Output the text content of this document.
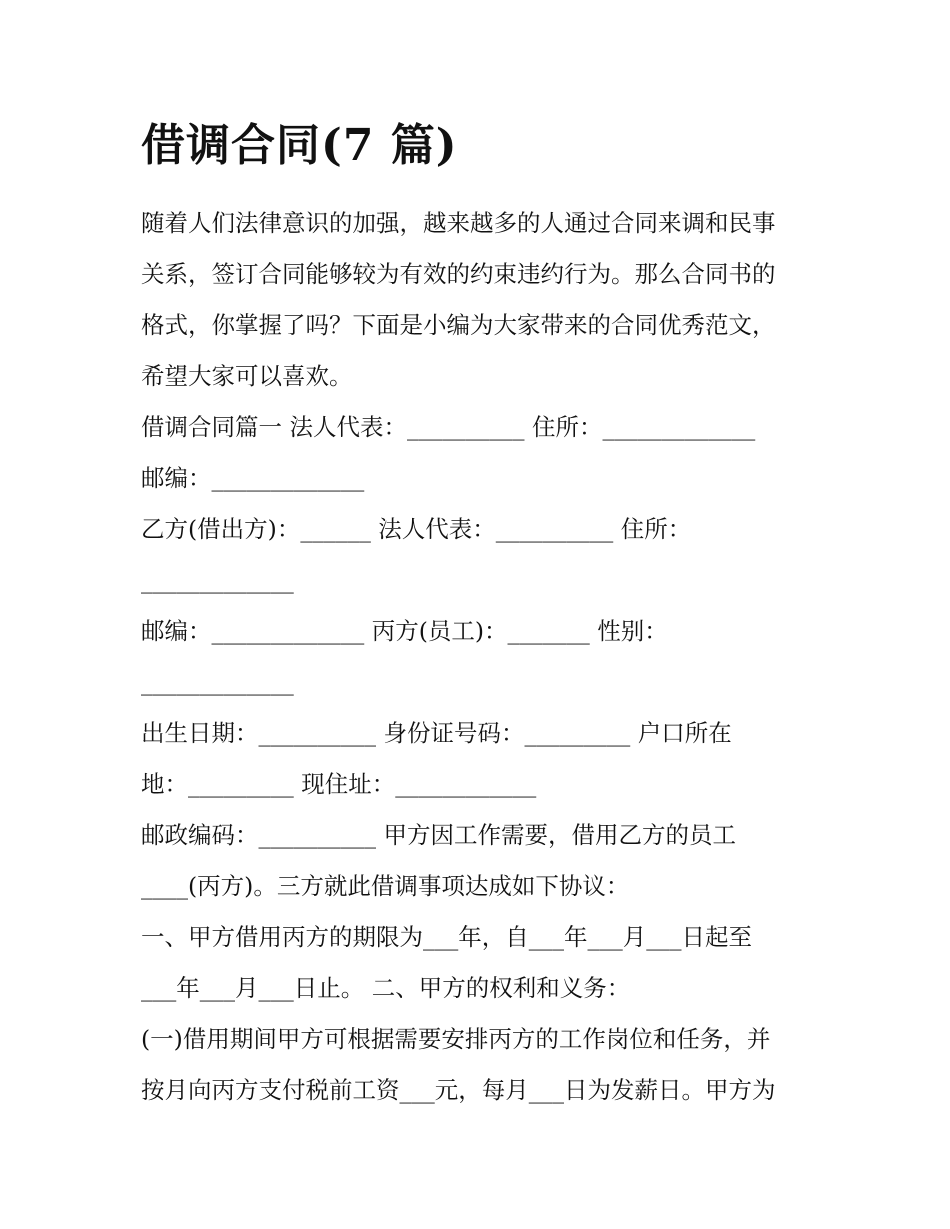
借调合同(7 篇)

随着人们法律意识的加强，越来越多的人通过合同来调和民事

关系，签订合同能够较为有效的约束违约行为。那么合同书的

格式，你掌握了吗？下面是小编为大家带来的合同优秀范文，

希望大家可以喜欢。

借调合同篇一 法人代表：__________ 住所：_____________

邮编：_____________

乙方(借出方)：______ 法人代表：__________ 住所：

_____________

邮编：_____________ 丙方(员工)：_______ 性别：

_____________

出生日期：__________ 身份证号码：_________ 户口所在

地：_________ 现住址：____________

邮政编码：__________ 甲方因工作需要，借用乙方的员工

____(丙方)。三方就此借调事项达成如下协议：

一、甲方借用丙方的期限为___年，自___年___月___日起至

___年___月___日止。 二、甲方的权利和义务：

(一)借用期间甲方可根据需要安排丙方的工作岗位和任务，并

按月向丙方支付税前工资___元，每月___日为发薪日。甲方为
